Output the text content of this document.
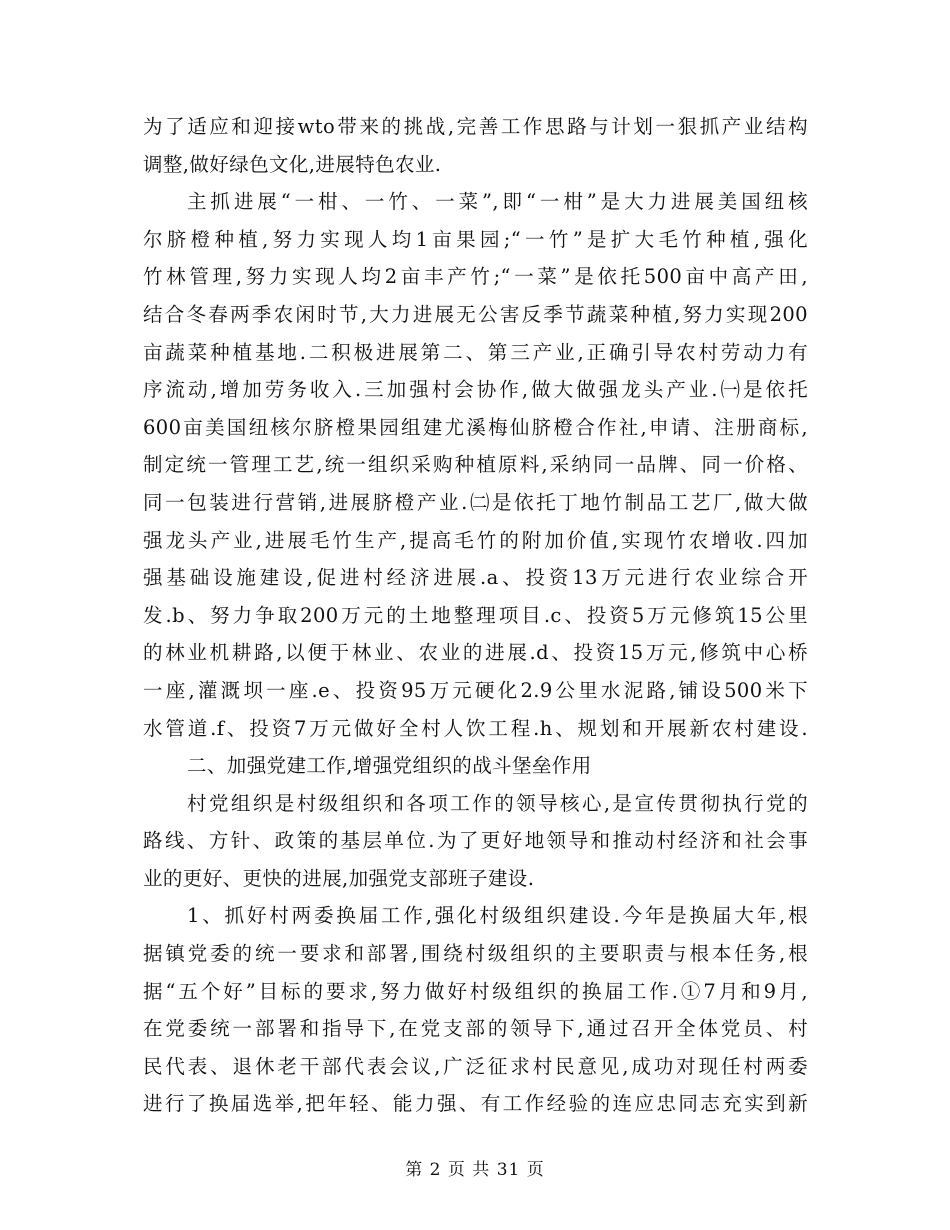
为了适应和迎接wto带来的挑战,完善工作思路与计划一狠抓产业结构
调整,做好绿色文化,进展特色农业.
主抓进展“一柑、一竹、一菜”,即“一柑”是大力进展美国纽核
尔脐橙种植,努力实现人均1亩果园;“一竹”是扩大毛竹种植,强化
竹林管理,努力实现人均2亩丰产竹;“一菜”是依托500亩中高产田,
结合冬春两季农闲时节,大力进展无公害反季节蔬菜种植,努力实现200
亩蔬菜种植基地.二积极进展第二、第三产业,正确引导农村劳动力有
序流动,增加劳务收入.三加强村会协作,做大做强龙头产业.㈠是依托
600亩美国纽核尔脐橙果园组建尤溪梅仙脐橙合作社,申请、注册商标,
制定统一管理工艺,统一组织采购种植原料,采纳同一品牌、同一价格、
同一包装进行营销,进展脐橙产业.㈡是依托丁地竹制品工艺厂,做大做
强龙头产业,进展毛竹生产,提高毛竹的附加价值,实现竹农增收.四加
强基础设施建设,促进村经济进展.a、投资13万元进行农业综合开
发.b、努力争取200万元的土地整理项目.c、投资5万元修筑15公里
的林业机耕路,以便于林业、农业的进展.d、投资15万元,修筑中心桥
一座,灌溉坝一座.e、投资95万元硬化2.9公里水泥路,铺设500米下
水管道.f、投资7万元做好全村人饮工程.h、规划和开展新农村建设.
二、加强党建工作,增强党组织的战斗堡垒作用
村党组织是村级组织和各项工作的领导核心,是宣传贯彻执行党的
路线、方针、政策的基层单位.为了更好地领导和推动村经济和社会事
业的更好、更快的进展,加强党支部班子建设.
1、抓好村两委换届工作,强化村级组织建设.今年是换届大年,根
据镇党委的统一要求和部署,围绕村级组织的主要职责与根本任务,根
据“五个好”目标的要求,努力做好村级组织的换届工作.①7月和9月,
在党委统一部署和指导下,在党支部的领导下,通过召开全体党员、村
民代表、退休老干部代表会议,广泛征求村民意见,成功对现任村两委
进行了换届选举,把年轻、能力强、有工作经验的连应忠同志充实到新
第 2 页 共 31 页
